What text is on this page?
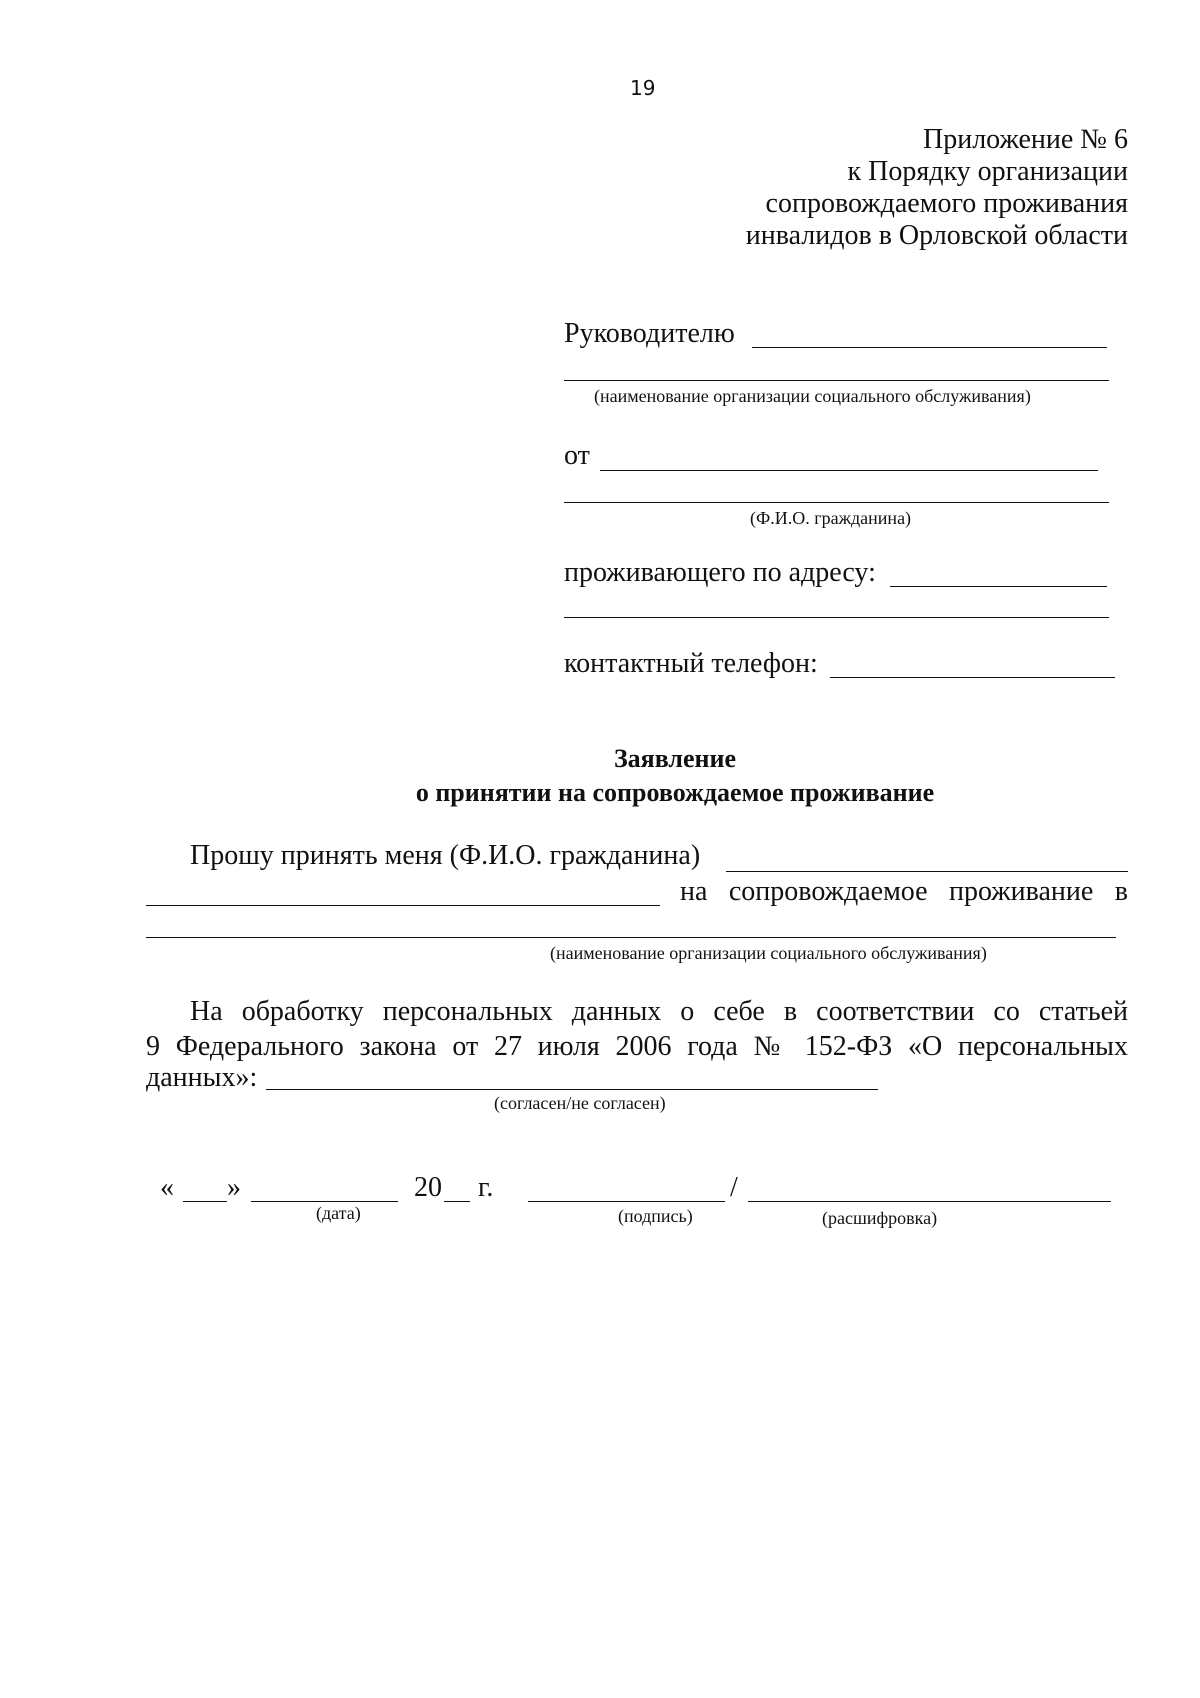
19
Приложение № 6
к Порядку организации
сопровождаемого проживания
инвалидов в Орловской области
Руководителю
(наименование организации социального обслуживания)
от
(Ф.И.О. гражданина)
проживающего по адресу:
контактный телефон:
Заявление
о принятии на сопровождаемое проживание
Прошу принять меня (Ф.И.О. гражданина)
на сопровождаемое проживание в
(наименование организации социального обслуживания)
На обработку персональных данных о себе в соответствии со статьей
9 Федерального закона от 27 июля 2006 года № 152-ФЗ «О персональных
данных»:
(согласен/не согласен)
« »	20 г.	/
(дата)	(подпись)	(расшифровка)
